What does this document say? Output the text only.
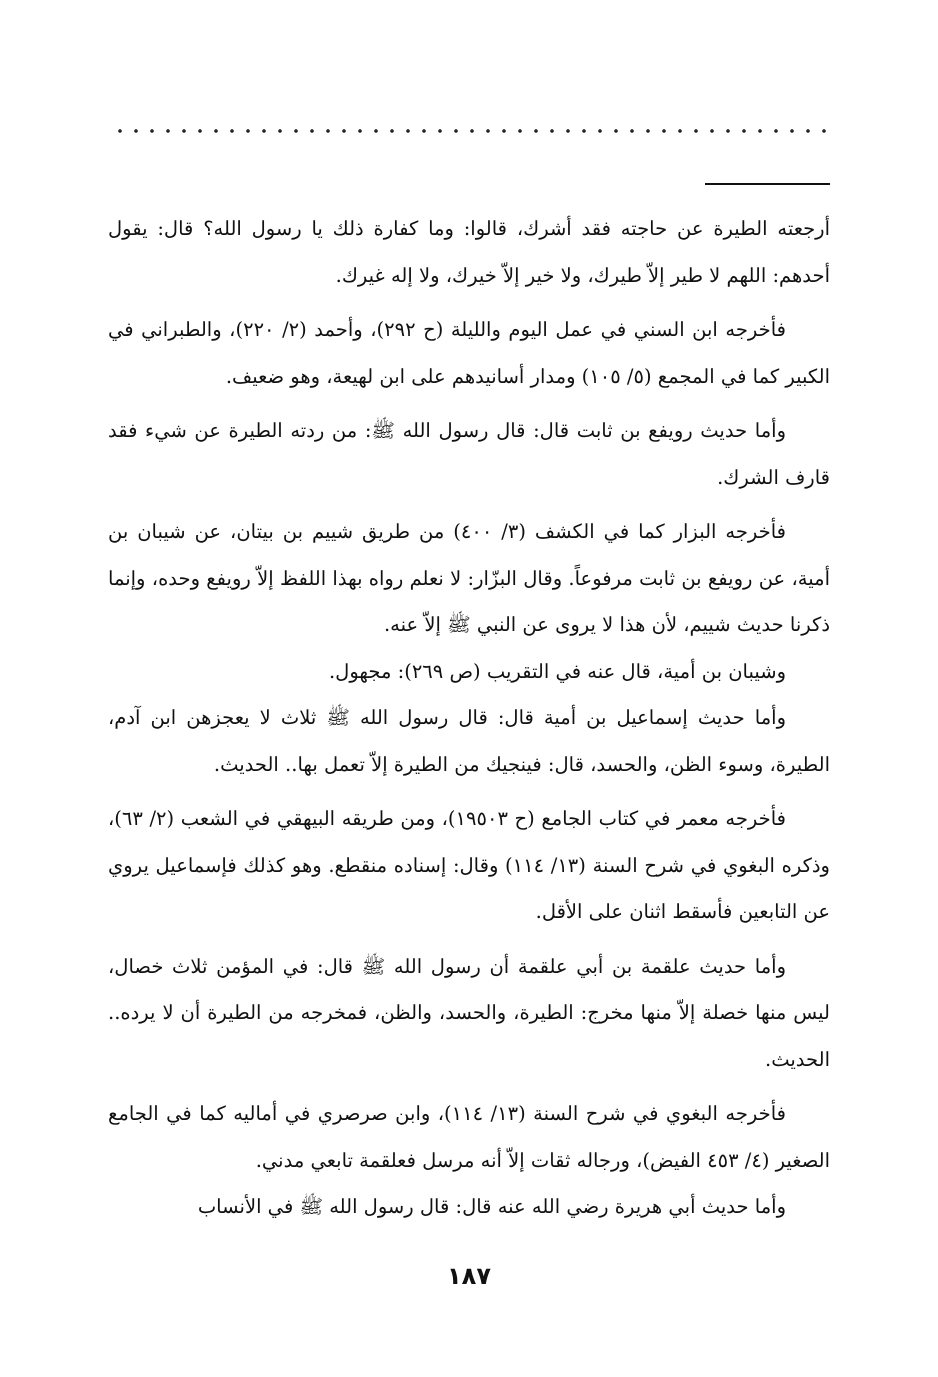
أرجعته الطيرة عن حاجته فقد أشرك، قالوا: وما كفارة ذلك يا رسول الله؟ قال: يقول أحدهم: اللهم لا طير إلاّ طيرك، ولا خير إلاّ خيرك، ولا إله غيرك.

فأخرجه ابن السني في عمل اليوم والليلة (ح ٢٩٢)، وأحمد (٢/ ٢٢٠)، والطبراني في الكبير كما في المجمع (٥/ ١٠٥) ومدار أسانيدهم على ابن لهيعة، وهو ضعيف.

وأما حديث رويفع بن ثابت قال: قال رسول الله ﷺ: من ردته الطيرة عن شيء فقد قارف الشرك.

فأخرجه البزار كما في الكشف (٣/ ٤٠٠) من طريق شييم بن بيتان، عن شيبان بن أمية، عن رويفع بن ثابت مرفوعاً. وقال البزّار: لا نعلم رواه بهذا اللفظ إلاّ رويفع وحده، وإنما ذكرنا حديث شييم، لأن هذا لا يروى عن النبي ﷺ إلاّ عنه.

وشيبان بن أمية، قال عنه في التقريب (ص ٢٦٩): مجهول.

وأما حديث إسماعيل بن أمية قال: قال رسول الله ﷺ ثلاث لا يعجزهن ابن آدم، الطيرة، وسوء الظن، والحسد، قال: فينجيك من الطيرة إلاّ تعمل بها.. الحديث.

فأخرجه معمر في كتاب الجامع (ح ١٩٥٠٣)، ومن طريقه البيهقي في الشعب (٢/ ٦٣)، وذكره البغوي في شرح السنة (١٣/ ١١٤) وقال: إسناده منقطع. وهو كذلك فإسماعيل يروي عن التابعين فأسقط اثنان على الأقل.

وأما حديث علقمة بن أبي علقمة أن رسول الله ﷺ قال: في المؤمن ثلاث خصال، ليس منها خصلة إلاّ منها مخرج: الطيرة، والحسد، والظن، فمخرجه من الطيرة أن لا يرده.. الحديث.

فأخرجه البغوي في شرح السنة (١٣/ ١١٤)، وابن صرصري في أماليه كما في الجامع الصغير (٤/ ٤٥٣ الفيض)، ورجاله ثقات إلاّ أنه مرسل فعلقمة تابعي مدني.

وأما حديث أبي هريرة رضي الله عنه قال: قال رسول الله ﷺ في الأنساب

١٨٧
